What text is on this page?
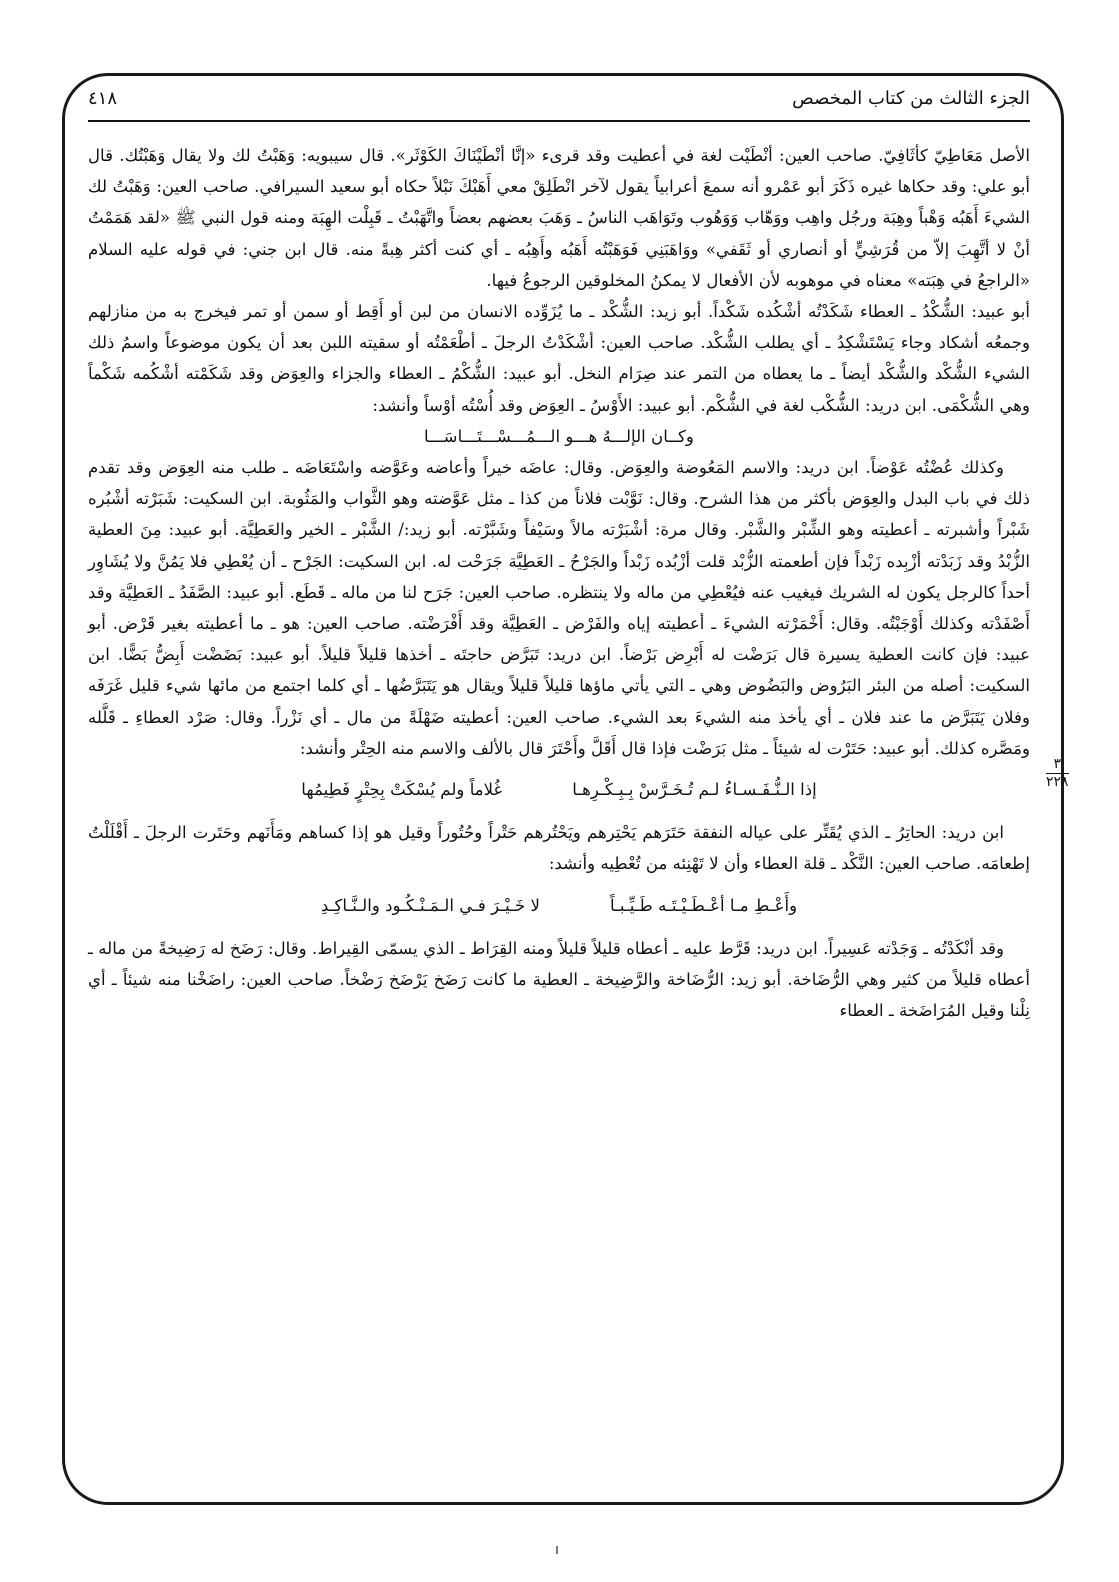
الجزء الثالث من كتاب المخصص
٤١٨

الأصل مَعَاطِيّ كأثَافِيّ. صاحب العين: أنْطَيْت لغة في أعطيت وقد قرىء «إنَّا أنْطَيْنَاكَ الكَوْثَر». قال سيبويه: وَهَبْتُ لك ولا يقال وَهَبْتُك. قال أبو علي: وقد حكاها غيره ذَكَرَ أبو عَمْرو أنه سمعَ أعرابياً يقول لآخر انْطَلِقْ معي أَهَبْكَ نَبْلاً حكاه أبو سعيد السيرافي. صاحب العين: وَهَبْتُ لك الشيءَ أَهَبُه وَهْباً وهِبَة ورجُل واهِب ووَهّاب وَوَهُوب وتَوَاهَب الناسُ ـ وَهَبَ بعضهم بعضاً واتَّهَبْتُ ـ قَبِلْت الهِبَة ومنه قول النبي ﷺ «لقد هَمَمْتُ أنْ لا أتَّهِبَ إلاّ من قُرَشِيٍّ أو أنصاري أو ثَقَفي» ووَاهَبَنِي فَوَهَبْتُه أَهَبُه وأَهِبُه ـ أي كنت أكثر هِبةً منه. قال ابن جني: في قوله عليه السلام «الراجعُ في هِبَته» معناه في موهوبه لأن الأفعال لا يمكنُ المخلوقين الرجوعُ فيها.

أبو عبيد: الشُّكْدُ ـ العطاء شَكَدْتُه أشْكُده شَكْداً. أبو زيد: الشُّكْد ـ ما يُزَوِّده الانسان من لبن أو أَقِط أو سمن أو تمر فيخرج به من منازلهم وجمعُه أشكاد وجاء يَسْتَشْكِدُ ـ أي يطلب الشُّكْد. صاحب العين: أشْكَدْتُ الرجلَ ـ أطْعَمْتُه أو سقيته اللبن بعد أن يكون موضوعاً واسمُ ذلك الشيء الشُّكْد والشُّكْد أيضاً ـ ما يعطاه من التمر عند صِرَام النخل. أبو عبيد: الشُّكْمُ ـ العطاء والجزاء والعِوَض وقد شَكَمْته أشْكُمه شَكْماً وهي الشُّكْمَى. ابن دريد: الشُّكْب لغة في الشُّكْم. أبو عبيد: الأَوْسُ ـ العِوَض وقد أُسْتُه أوْساً وأنشد:

وكــان الإلـــهُ هـــو الـــمُـــسْـــتَـــاسَـــا

وكذلك عُضْتُه عَوْضاً. ابن دريد: والاسم المَعُوضة والعِوَض. وقال: عاضَه خيراً وأعاضه وعَوَّضه واسْتَعَاضَه ـ طلب منه العِوَض وقد تقدم ذلك في باب البدل والعِوَض بأكثر من هذا الشرح. وقال: نَوَّبْت فلاناً من كذا ـ مثل عَوَّضته وهو الثَّواب والمَثُوبة. ابن السكيت: شَبَرْته أشْبُره شَبْراً وأشبرته ـ أعطيته وهو الشِّبْر والشَّبْر. وقال مرة: أشْبَرْته مالاً وسَيْفاً وشَبَّرْته. أبو زيد:/ الشَّبْر ـ الخير والعَطِيَّة. أبو عبيد: مِنَ العطية الزُّبْدُ وقد زَبَدْته أزْبِده زَبْداً فإن أطعمته الزُّبْد قلت أزْبُده زَبْداً والجَرْحُ ـ العَطِيَّة جَرَحْت له. ابن السكيت: الجَرْح ـ أن يُعْطِي فلا يَمُنَّ ولا يُشَاوِر أحداً كالرجل يكون له الشريك فيغيب عنه فيُعْطِي من ماله ولا ينتظره. صاحب العين: جَرَح لنا من ماله ـ قَطَع. أبو عبيد: الصَّفَدُ ـ العَطِيَّة وقد أَصْفَدْته وكذلك أَوْجَبْتُه. وقال: أَخْمَرْته الشيءَ ـ أعطيته إياه والفَرْض ـ العَطِيَّة وقد أَفْرَضْته. صاحب العين: هو ـ ما أعطيته بغير قَرْض. أبو عبيد: فإن كانت العطية يسيرة قال بَرَضْت له أَبْرِض بَرْضاً. ابن دريد: تَبَرَّض حاجتَه ـ أخذها قليلاً قليلاً. أبو عبيد: بَضَضْت أَبِضُّ بَضًّا. ابن السكيت: أصله من البئر البَرُوض والبَضُوض وهي ـ التي يأتي ماؤها قليلاً قليلاً ويقال هو يَتَبَرَّضُها ـ أي كلما اجتمع من مائها شيء قليل غَرَفَه وفلان يَتَبَرَّض ما عند فلان ـ أي يأخذ منه الشيءَ بعد الشيء. صاحب العين: أعطيته ضَهْلَةً من مال ـ أي نَزْراً. وقال: صَرْد العطاءِ ـ قَلَّله ومَصَّره كذلك. أبو عبيد: حَتَرْت له شيئاً ـ مثل بَرَضْت فإذا قال أَقَلَّ وأَحْتَرَ قال بالألف والاسم منه الحِتْر وأنشد:

إذا الـنُّـفَـسـاءُ لـم تُـخَـرَّسْ بِـبِـكْـرِهـا
غُلاماً ولم يُسْكَتْ بِحِتْرٍ فَطِيمُها

ابن دريد: الحاتِرُ ـ الذي يُقَتِّر على عياله النفقة حَتَرَهم يَحْتِرهم ويَحْتُرهم حَتْراً وحُتُوراً وقيل هو إذا كساهم ومَأَنَهم وحَتَرت الرجلَ ـ أَقْلَلْتُ إطعامَه. صاحب العين: النَّكْد ـ قلة العطاء وأن لا تَهْنِئه من تُعْطِيه وأنشد:

وأَعْـطِ مـا أعْـطَـيْـتَـه طَـيِّـبـاً
لا خَـيْـرَ فـي الـمَـنْـكُـود والـنَّـاكِـدِ

وقد أنْكَدْتُه ـ وَجَدْته عَسِيراً. ابن دريد: قَرَّط عليه ـ أعطاه قليلاً قليلاً ومنه القِرَاط ـ الذي يسمّى القِيراط. وقال: رَضَخ له رَضِيخةً من ماله ـ أعطاه قليلاً من كثير وهي الرُّضَاخة. أبو زيد: الرُّضَاخة والرَّضِيخة ـ العطية ما كانت رَضَخ يَرْضَخ رَضْخاً. صاحب العين: راضَخْنا منه شيئاً ـ أي نِلْنا وقيل المُرَاضَخة ـ العطاء

٣
٢٢٨
